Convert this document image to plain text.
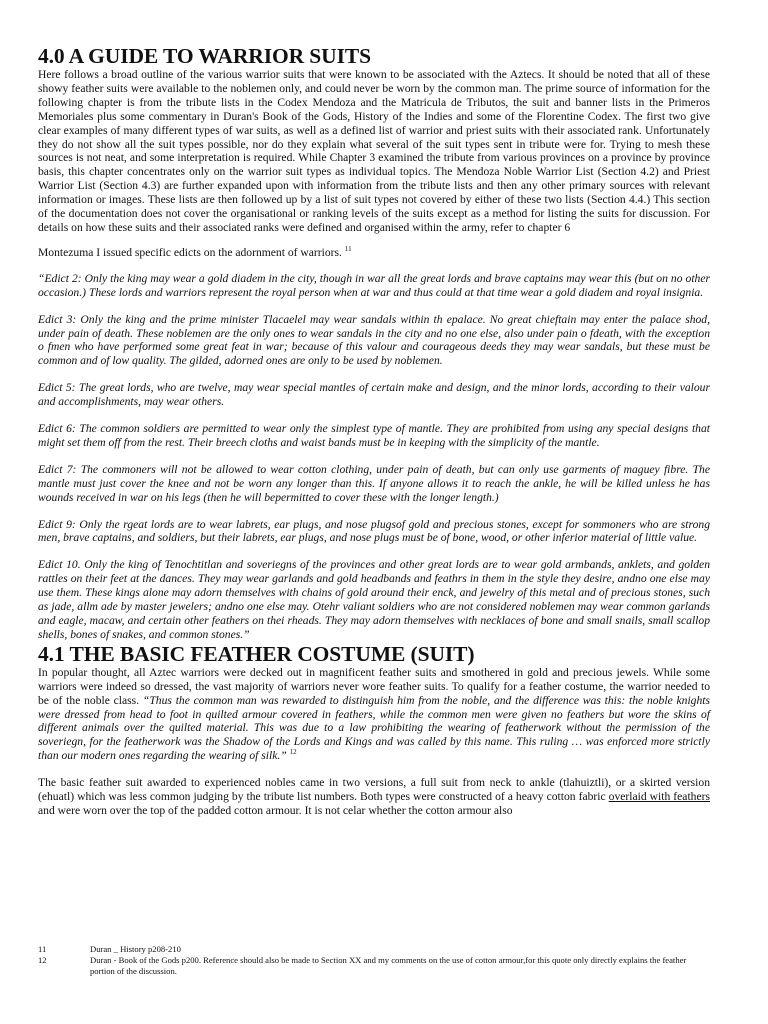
4.0 A GUIDE TO WARRIOR SUITS

Here follows a broad outline of the various warrior suits that were known to be associated with the Aztecs. It should be noted that all of these showy feather suits were available to the noblemen only, and could never be worn by the common man. The prime source of information for the following chapter is from the tribute lists in the Codex Mendoza and the Matricula de Tributos, the suit and banner lists in the Primeros Memoriales plus some commentary in Duran's Book of the Gods, History of the Indies and some of the Florentine Codex. The first two give clear examples of many different types of war suits, as well as a defined list of warrior and priest suits with their associated rank. Unfortunately they do not show all the suit types possible, nor do they explain what several of the suit types sent in tribute were for. Trying to mesh these sources is not neat, and some interpretation is required. While Chapter 3 examined the tribute from various provinces on a province by province basis, this chapter concentrates only on the warrior suit types as individual topics. The Mendoza Noble Warrior List (Section 4.2) and Priest Warrior List (Section 4.3) are further expanded upon with information from the tribute lists and then any other primary sources with relevant information or images. These lists are then followed up by a list of suit types not covered by either of these two lists (Section 4.4.) This section of the documentation does not cover the organisational or ranking levels of the suits except as a method for listing the suits for discussion. For details on how these suits and their associated ranks were defined and organised within the army, refer to chapter 6

Montezuma I issued specific edicts on the adornment of warriors. $^{11}$

“Edict 2: Only the king may wear a gold diadem in the city, though in war all the great lords and brave captains may wear this (but on no other occasion.) These lords and warriors represent the royal person when at war and thus could at that time wear a gold diadem and royal insignia.

Edict 3: Only the king and the prime minister Tlacaelel may wear sandals within th epalace. No great chieftain may enter the palace shod, under pain of death. These noblemen are the only ones to wear sandals in the city and no one else, also under pain o fdeath, with the exception o fmen who have performed some great feat in war; because of this valour and courageous deeds they may wear sandals, but these must be common and of low quality. The gilded, adorned ones are only to be used by noblemen.

Edict 5: The great lords, who are twelve, may wear special mantles of certain make and design, and the minor lords, according to their valour and accomplishments, may wear others.

Edict 6: The common soldiers are permitted to wear only the simplest type of mantle. They are prohibited from using any special designs that might set them off from the rest. Their breech cloths and waist bands must be in keeping with the simplicity of the mantle.

Edict 7: The commoners will not be allowed to wear cotton clothing, under pain of death, but can only use garments of maguey fibre. The mantle must just cover the knee and not be worn any longer than this. If anyone allows it to reach the ankle, he will be killed unless he has wounds received in war on his legs (then he will bepermitted to cover these with the longer length.)

Edict 9: Only the rgeat lords are to wear labrets, ear plugs, and nose plugsof gold and precious stones, except for sommoners who are strong men, brave captains, and soldiers, but their labrets, ear plugs, and nose plugs must be of bone, wood, or other inferior material of little value.

Edict 10. Only the king of Tenochtitlan and soveriegns of the provinces and other great lords are to wear gold armbands, anklets, and golden rattles on their feet at the dances. They may wear garlands and gold headbands and feathrs in them in the style they desire, andno one else may use them. These kings alone may adorn themselves with chains of gold around their enck, and jewelry of this metal and of precious stones, such as jade, allm ade by master jewelers; andno one else may. Otehr valiant soldiers who are not considered noblemen may wear common garlands and eagle, macaw, and certain other feathers on thei rheads. They may adorn themselves with necklaces of bone and small snails, small scallop shells, bones of snakes, and common stones.”

4.1 THE BASIC FEATHER COSTUME (SUIT)

In popular thought, all Aztec warriors were decked out in magnificent feather suits and smothered in gold and precious jewels. While some warriors were indeed so dressed, the vast majority of warriors never wore feather suits. To qualify for a feather costume, the warrior needed to be of the noble class. “Thus the common man was rewarded to distinguish him from the noble, and the difference was this: the noble knights were dressed from head to foot in quilted armour covered in feathers, while the common men were given no feathers but wore the skins of different animals over the quilted material. This was due to a law prohibiting the wearing of featherwork without the permission of the soveriegn, for the featherwork was the Shadow of the Lords and Kings and was called by this name. This ruling … was enforced more strictly than our modern ones regarding the wearing of silk.” $^{12}$

The basic feather suit awarded to experienced nobles came in two versions, a full suit from neck to ankle (tlahuiztli), or a skirted version (ehuatl) which was less common judging by the tribute list numbers. Both types were constructed of a heavy cotton fabric overlaid with feathers and were worn over the top of the padded cotton armour. It is not celar whether the cotton armour also

11	Duran _ History p208-210
12	Duran - Book of the Gods p200. Reference should also be made to Section XX and my comments on the use of cotton armour,for this quote only directly explains the feather portion of the discussion.
